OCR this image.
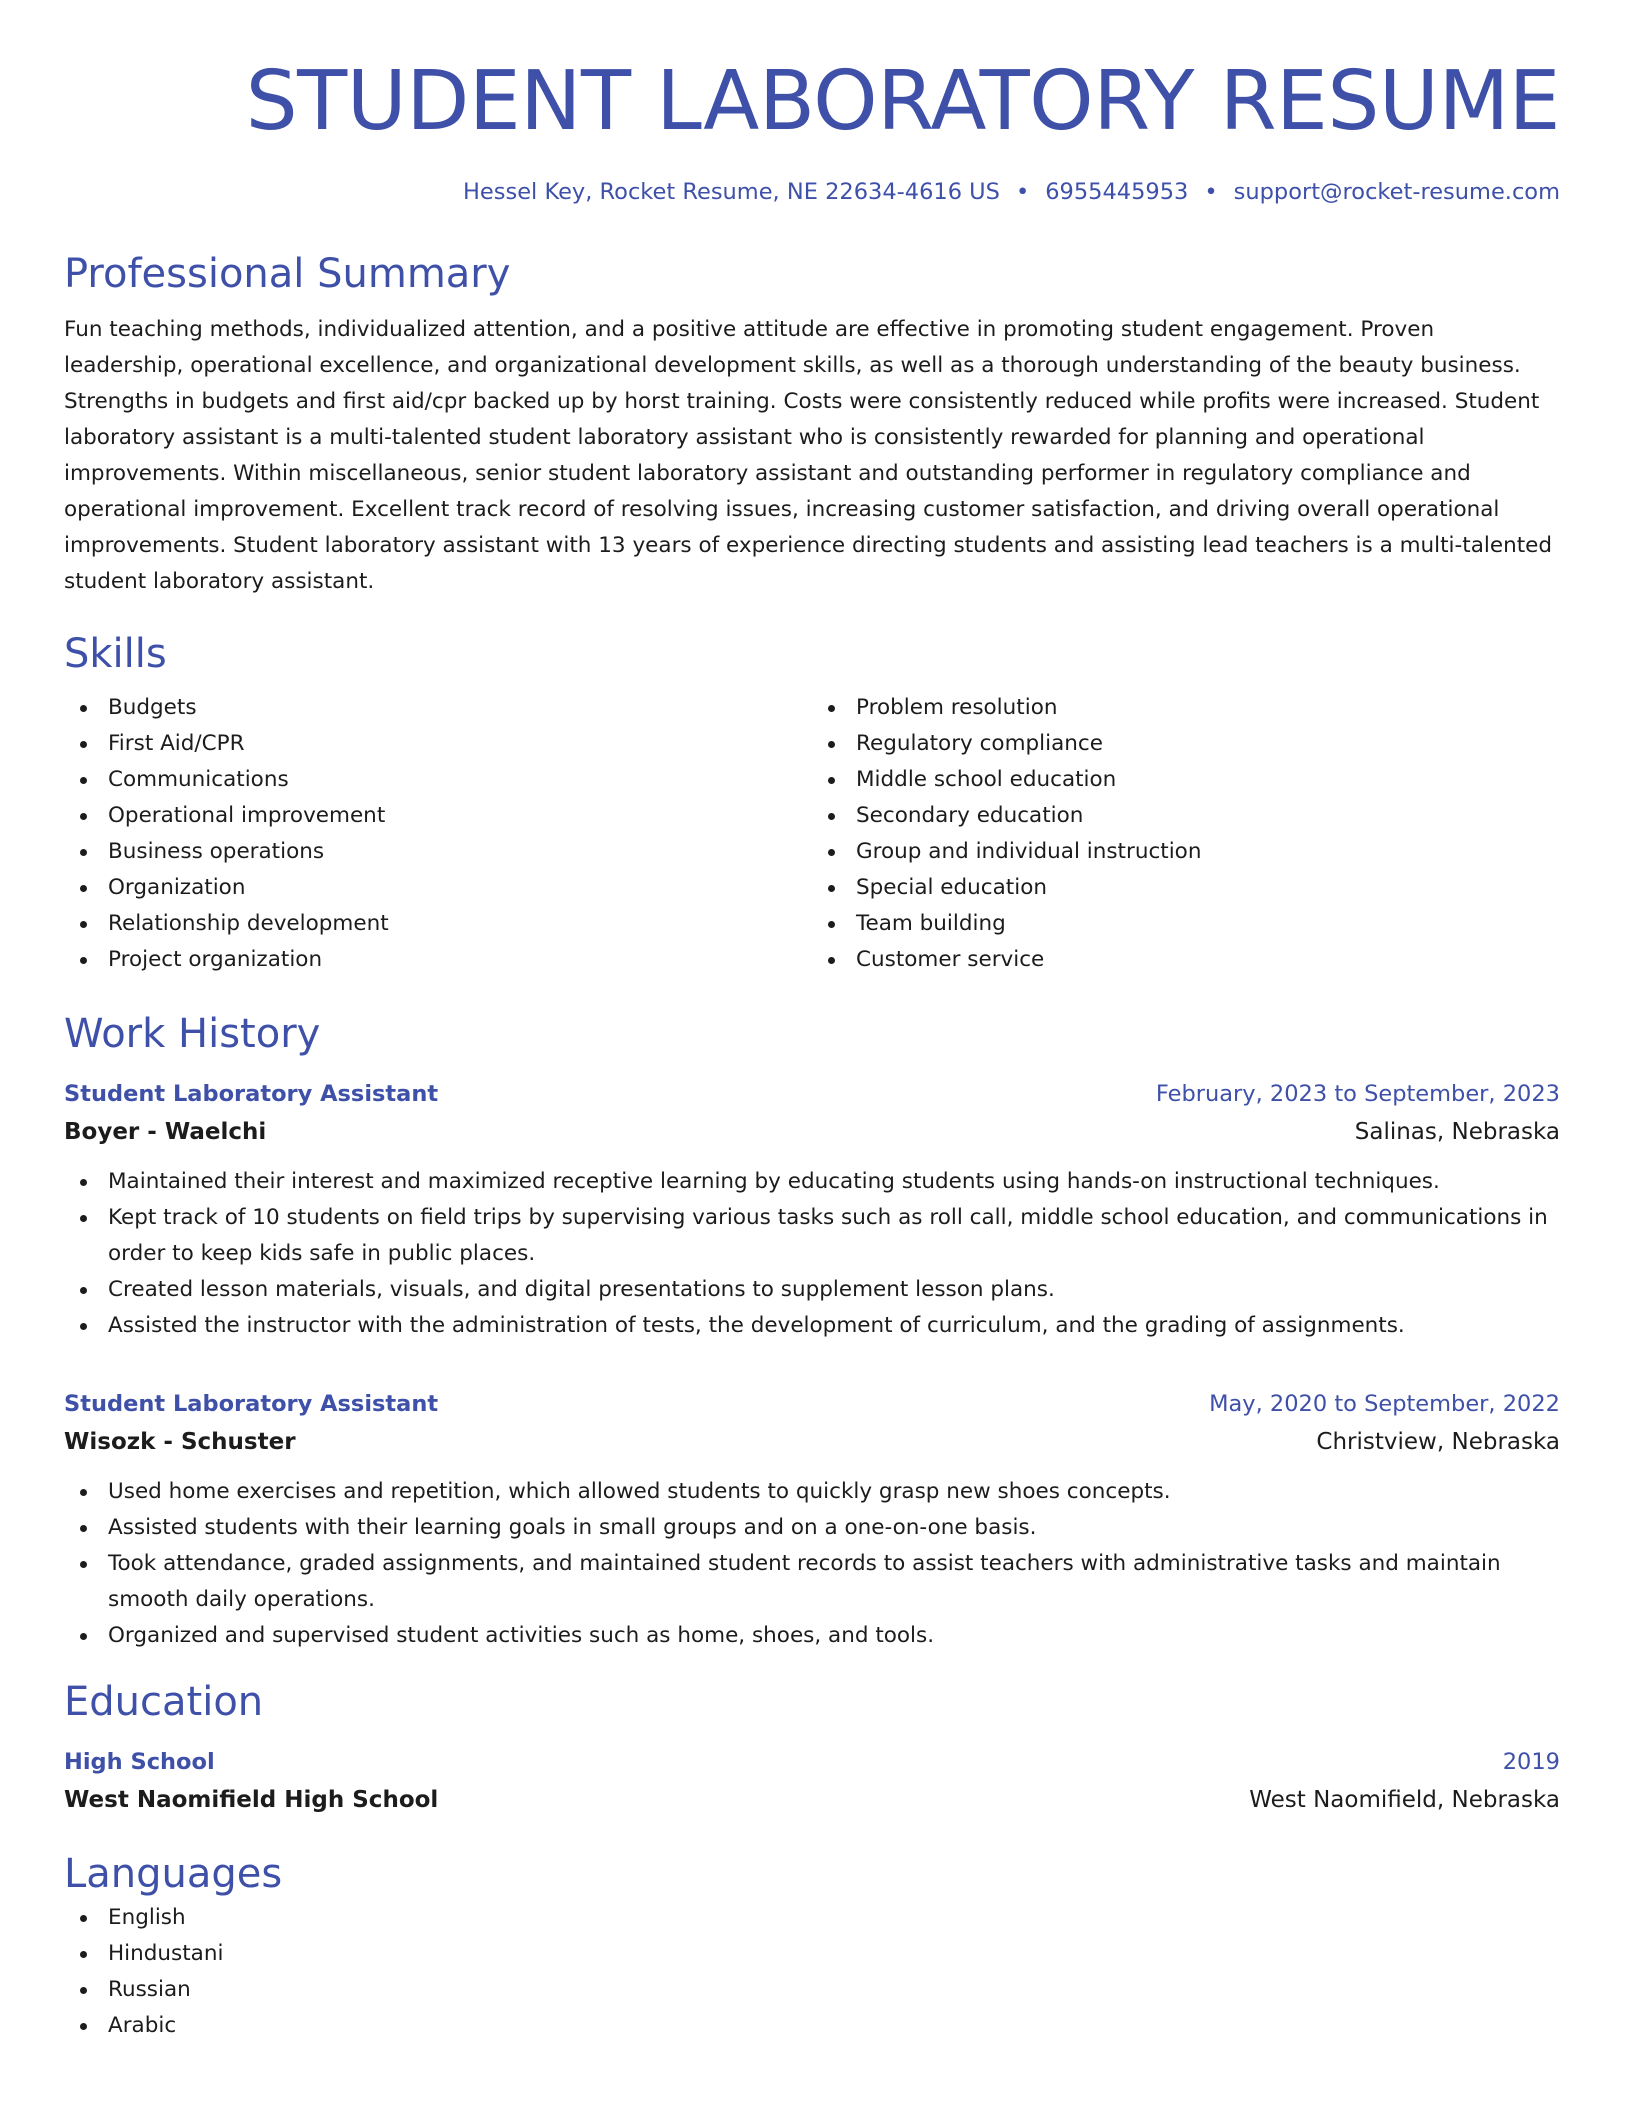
STUDENT LABORATORY RESUME
Hessel Key, Rocket Resume, NE 22634-4616 US • 6955445953 • support@rocket-resume.com
Professional Summary
Fun teaching methods, individualized attention, and a positive attitude are effective in promoting student engagement. Proven leadership, operational excellence, and organizational development skills, as well as a thorough understanding of the beauty business. Strengths in budgets and first aid/cpr backed up by horst training. Costs were consistently reduced while profits were increased. Student laboratory assistant is a multi-talented student laboratory assistant who is consistently rewarded for planning and operational improvements. Within miscellaneous, senior student laboratory assistant and outstanding performer in regulatory compliance and operational improvement. Excellent track record of resolving issues, increasing customer satisfaction, and driving overall operational improvements. Student laboratory assistant with 13 years of experience directing students and assisting lead teachers is a multi-talented student laboratory assistant.
Skills
Budgets
First Aid/CPR
Communications
Operational improvement
Business operations
Organization
Relationship development
Project organization
Problem resolution
Regulatory compliance
Middle school education
Secondary education
Group and individual instruction
Special education
Team building
Customer service
Work History
Student Laboratory Assistant	February, 2023 to September, 2023
Boyer - Waelchi	Salinas, Nebraska
Maintained their interest and maximized receptive learning by educating students using hands-on instructional techniques.
Kept track of 10 students on field trips by supervising various tasks such as roll call, middle school education, and communications in order to keep kids safe in public places.
Created lesson materials, visuals, and digital presentations to supplement lesson plans.
Assisted the instructor with the administration of tests, the development of curriculum, and the grading of assignments.
Student Laboratory Assistant	May, 2020 to September, 2022
Wisozk - Schuster	Christview, Nebraska
Used home exercises and repetition, which allowed students to quickly grasp new shoes concepts.
Assisted students with their learning goals in small groups and on a one-on-one basis.
Took attendance, graded assignments, and maintained student records to assist teachers with administrative tasks and maintain smooth daily operations.
Organized and supervised student activities such as home, shoes, and tools.
Education
High School	2019
West Naomifield High School	West Naomifield, Nebraska
Languages
English
Hindustani
Russian
Arabic
